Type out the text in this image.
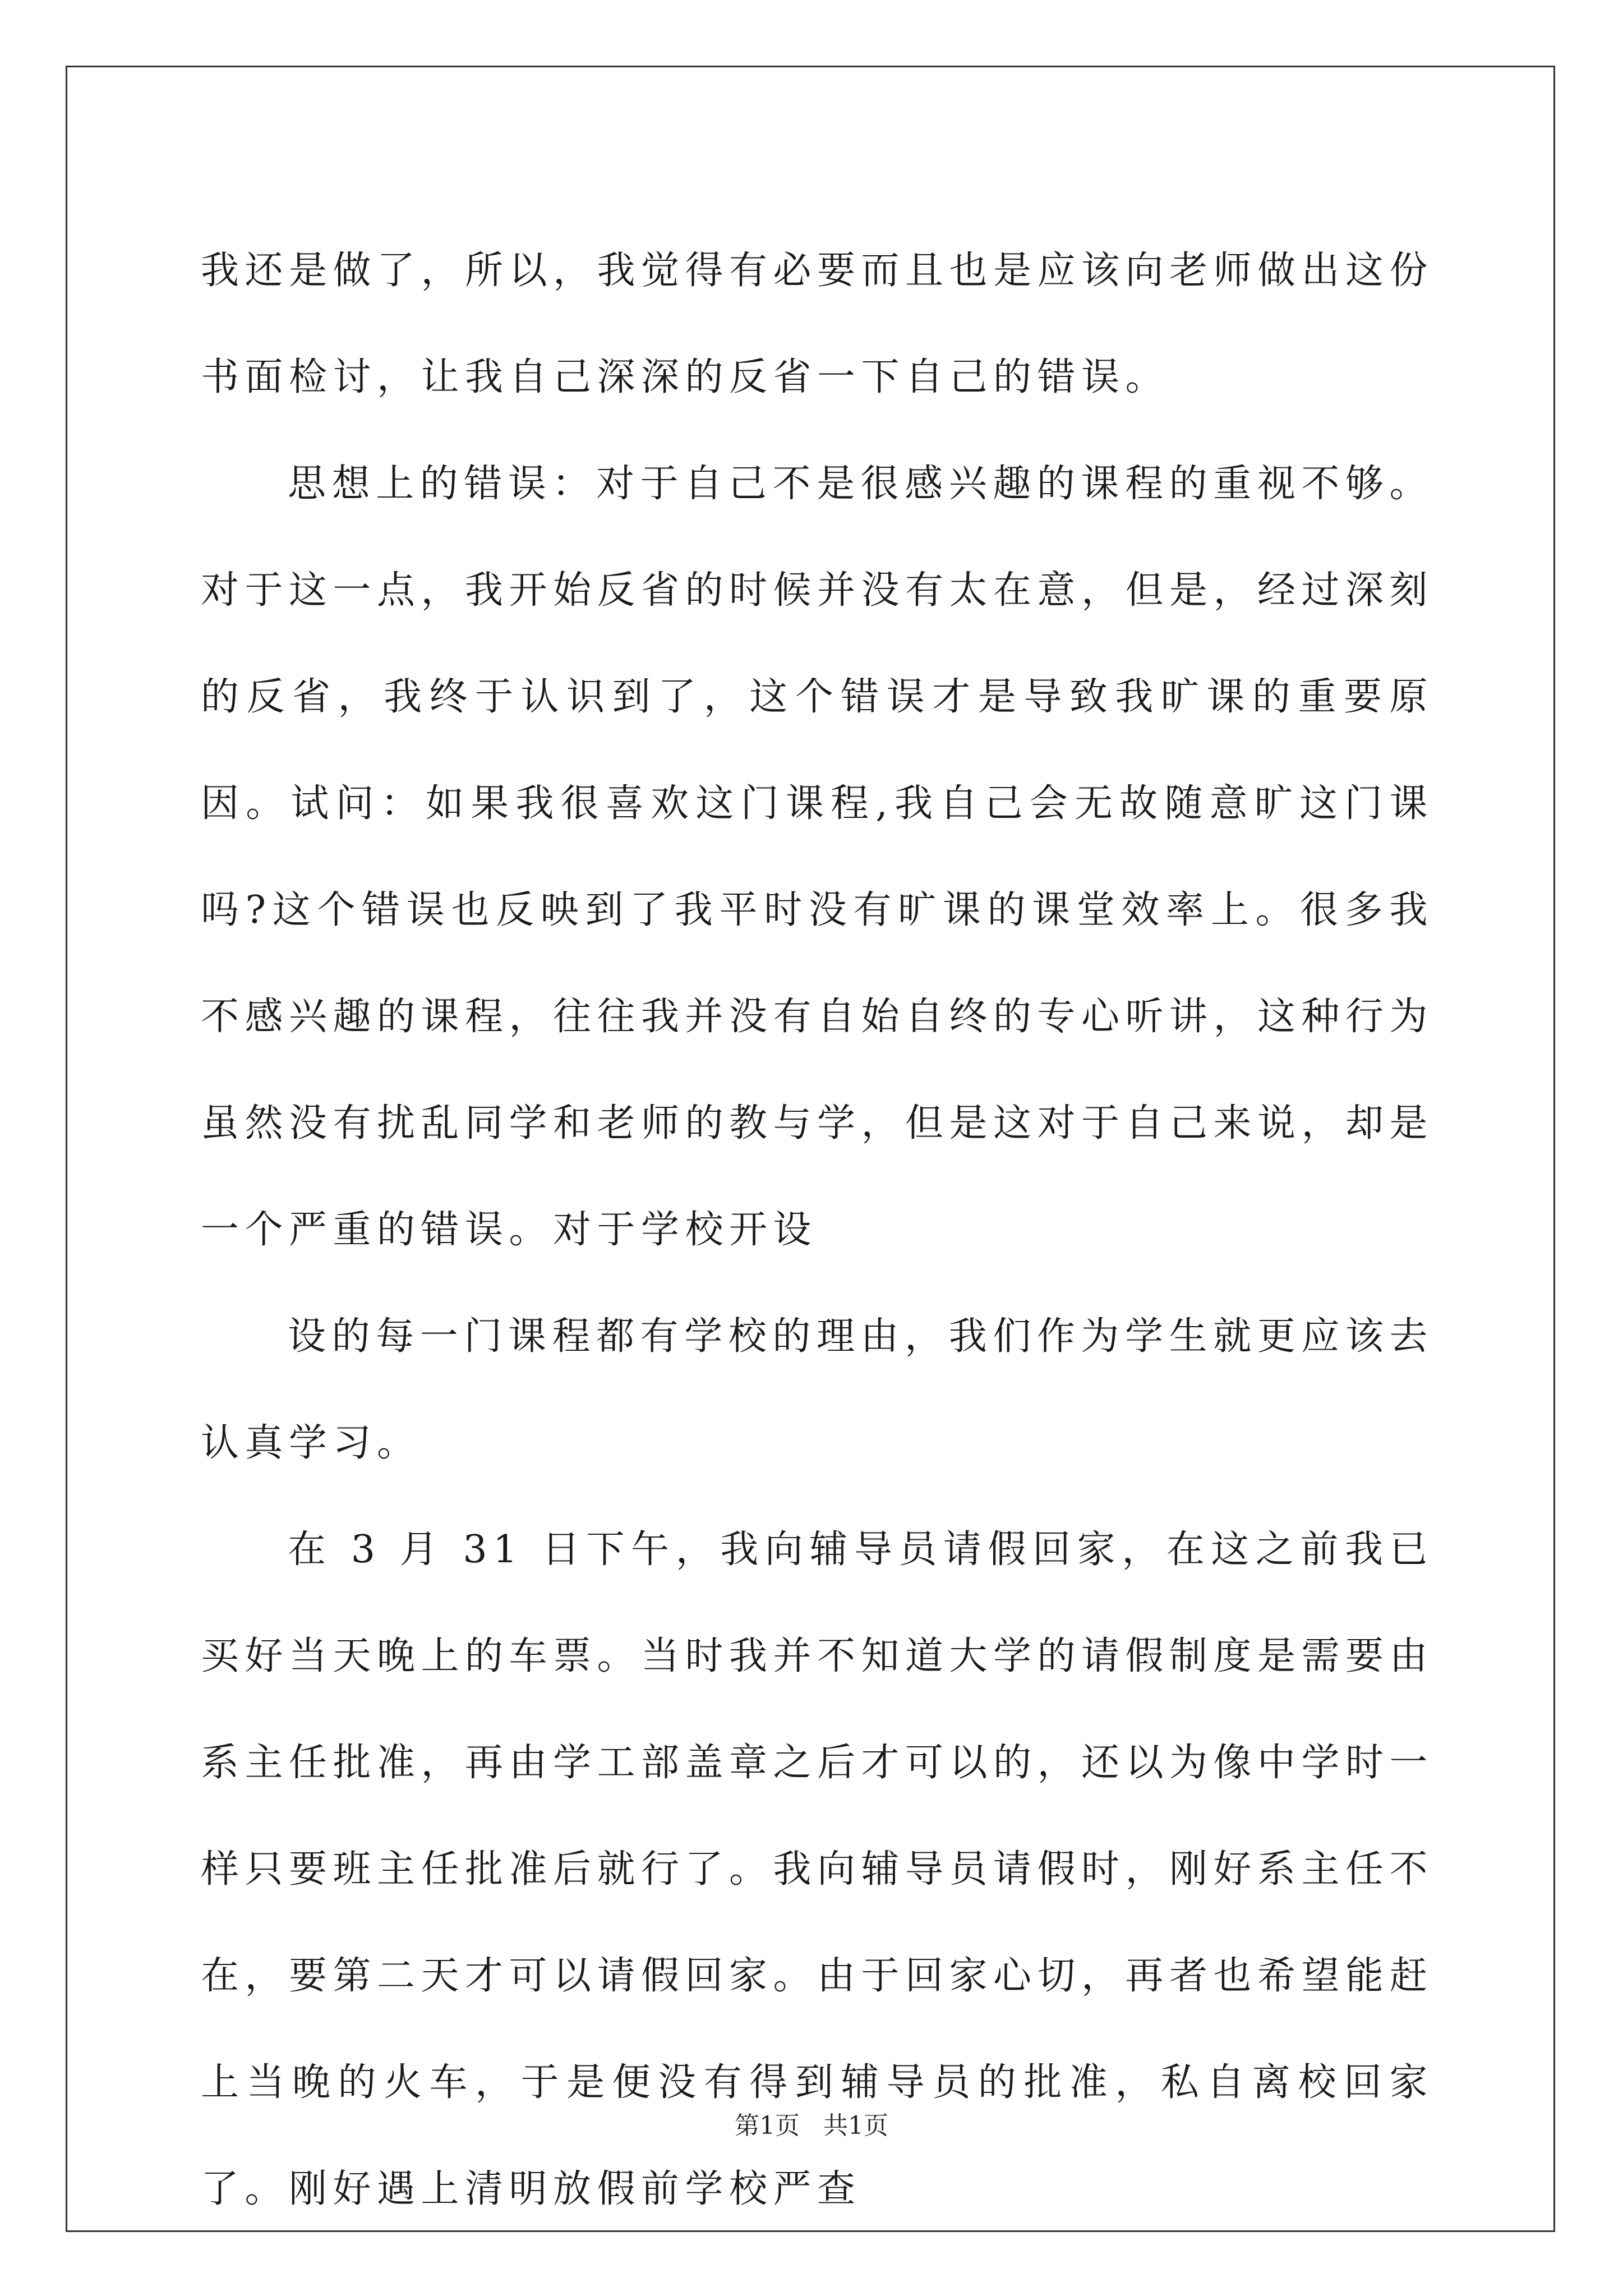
我还是做了，所以，我觉得有必要而且也是应该向老师做出这份书面检讨，让我自己深深的反省一下自己的错误。

思想上的错误：对于自己不是很感兴趣的课程的重视不够。对于这一点，我开始反省的时候并没有太在意，但是，经过深刻的反省，我终于认识到了，这个错误才是导致我旷课的重要原因。试问：如果我很喜欢这门课程,我自己会无故随意旷这门课吗?这个错误也反映到了我平时没有旷课的课堂效率上。很多我不感兴趣的课程，往往我并没有自始自终的专心听讲，这种行为虽然没有扰乱同学和老师的教与学，但是这对于自己来说，却是一个严重的错误。对于学校开设

设的每一门课程都有学校的理由，我们作为学生就更应该去认真学习。

在 3 月 31 日下午，我向辅导员请假回家，在这之前我已买好当天晚上的车票。当时我并不知道大学的请假制度是需要由系主任批准，再由学工部盖章之后才可以的，还以为像中学时一样只要班主任批准后就行了。我向辅导员请假时，刚好系主任不在，要第二天才可以请假回家。由于回家心切，再者也希望能赶上当晚的火车，于是便没有得到辅导员的批准，私自离校回家了。刚好遇上清明放假前学校严查

第1页 共1页
